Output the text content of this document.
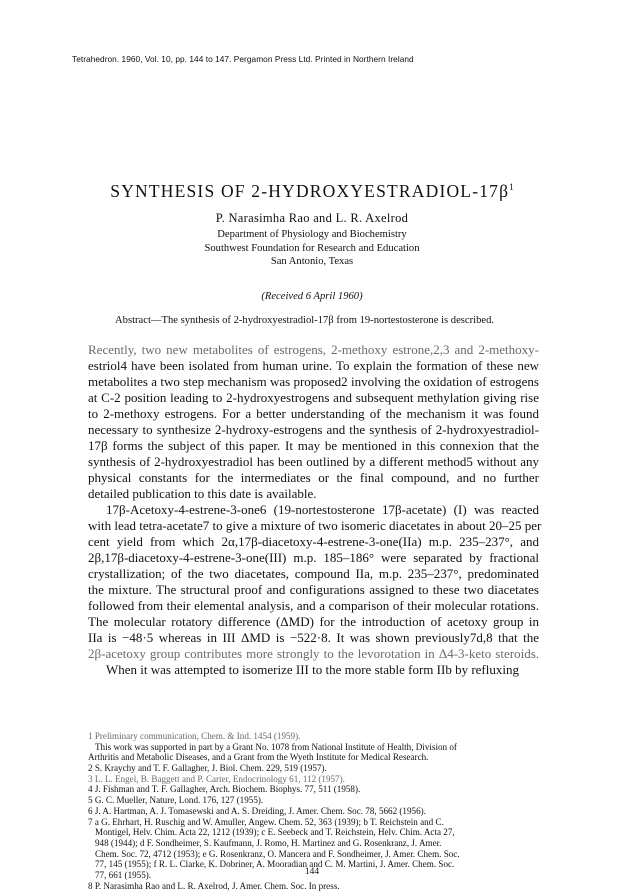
Tetrahedron. 1960, Vol. 10, pp. 144 to 147. Pergamon Press Ltd. Printed in Northern Ireland
SYNTHESIS OF $2-HYDROXYESTRADIOL-17\beta^1$
P. Narasimha Rao and L. R. Axelrod
Department of Physiology and Biochemistry
Southwest Foundation for Research and Education
San Antonio, Texas
(Received 6 April 1960)
Abstract—The synthesis of 2-hydroxyestradiol-17β from 19-nortestosterone is described.
Recently, two new metabolites of estrogens, 2-methoxy estrone,2,3 and 2-methoxy-
estriol4 have been isolated from human urine. To explain the formation of these new
metabolites a two step mechanism was proposed2 involving the oxidation of estrogens
at C-2 position leading to 2-hydroxyestrogens and subsequent methylation giving rise
to 2-methoxy estrogens. For a better understanding of the mechanism it was found
necessary to synthesize 2-hydroxy-estrogens and the synthesis of 2-hydroxyestradiol-
17β forms the subject of this paper. It may be mentioned in this connexion that the
synthesis of 2-hydroxyestradiol has been outlined by a different method5 without any
physical constants for the intermediates or the final compound, and no further
detailed publication to this date is available.
17β-Acetoxy-4-estrene-3-one6 (19-nortestosterone 17β-acetate) (I) was reacted
with lead tetra-acetate7 to give a mixture of two isomeric diacetates in about 20–25 per
cent yield from which 2α,17β-diacetoxy-4-estrene-3-one(IIa) m.p. 235–237°, and
2β,17β-diacetoxy-4-estrene-3-one(III) m.p. 185–186° were separated by fractional
crystallization; of the two diacetates, compound IIa, m.p. 235–237°, predominated
the mixture. The structural proof and configurations assigned to these two diacetates
followed from their elemental analysis, and a comparison of their molecular rotations.
The molecular rotatory difference (ΔMD) for the introduction of acetoxy group in
IIa is −48·5 whereas in III ΔMD is −522·8. It was shown previously7d,8 that the
2β-acetoxy group contributes more strongly to the levorotation in Δ4-3-keto steroids.
When it was attempted to isomerize III to the more stable form IIb by refluxing
1 Preliminary communication, Chem. & Ind. 1454 (1959).
This work was supported in part by a Grant No. 1078 from National Institute of Health, Division of
Arthritis and Metabolic Diseases, and a Grant from the Wyeth Institute for Medical Research.
2 S. Kraychy and T. F. Gallagher, J. Biol. Chem. 229, 519 (1957).
3 L. L. Engel, B. Baggett and P. Carter, Endocrinology 61, 112 (1957).
4 J. Fishman and T. F. Gallagher, Arch. Biochem. Biophys. 77, 511 (1958).
5 G. C. Mueller, Nature, Lond. 176, 127 (1955).
6 J. A. Hartman, A. J. Tomasewski and A. S. Dreiding, J. Amer. Chem. Soc. 78, 5662 (1956).
7 a G. Ehrhart, H. Ruschig and W. Amuller, Angew. Chem. 52, 363 (1939); b T. Reichstein and C.
Montigel, Helv. Chim. Acta 22, 1212 (1939); c E. Seebeck and T. Reichstein, Helv. Chim. Acta 27,
948 (1944); d F. Sondheimer, S. Kaufmann, J. Romo, H. Martinez and G. Rosenkranz, J. Amer.
Chem. Soc. 72, 4712 (1953); e G. Rosenkranz, O. Mancera and F. Sondheimer, J. Amer. Chem. Soc.
77, 145 (1955); f R. L. Clarke, K. Dobriner, A. Mooradian and C. M. Martini, J. Amer. Chem. Soc.
77, 661 (1955).
8 P. Narasimha Rao and L. R. Axelrod, J. Amer. Chem. Soc. In press.
144
